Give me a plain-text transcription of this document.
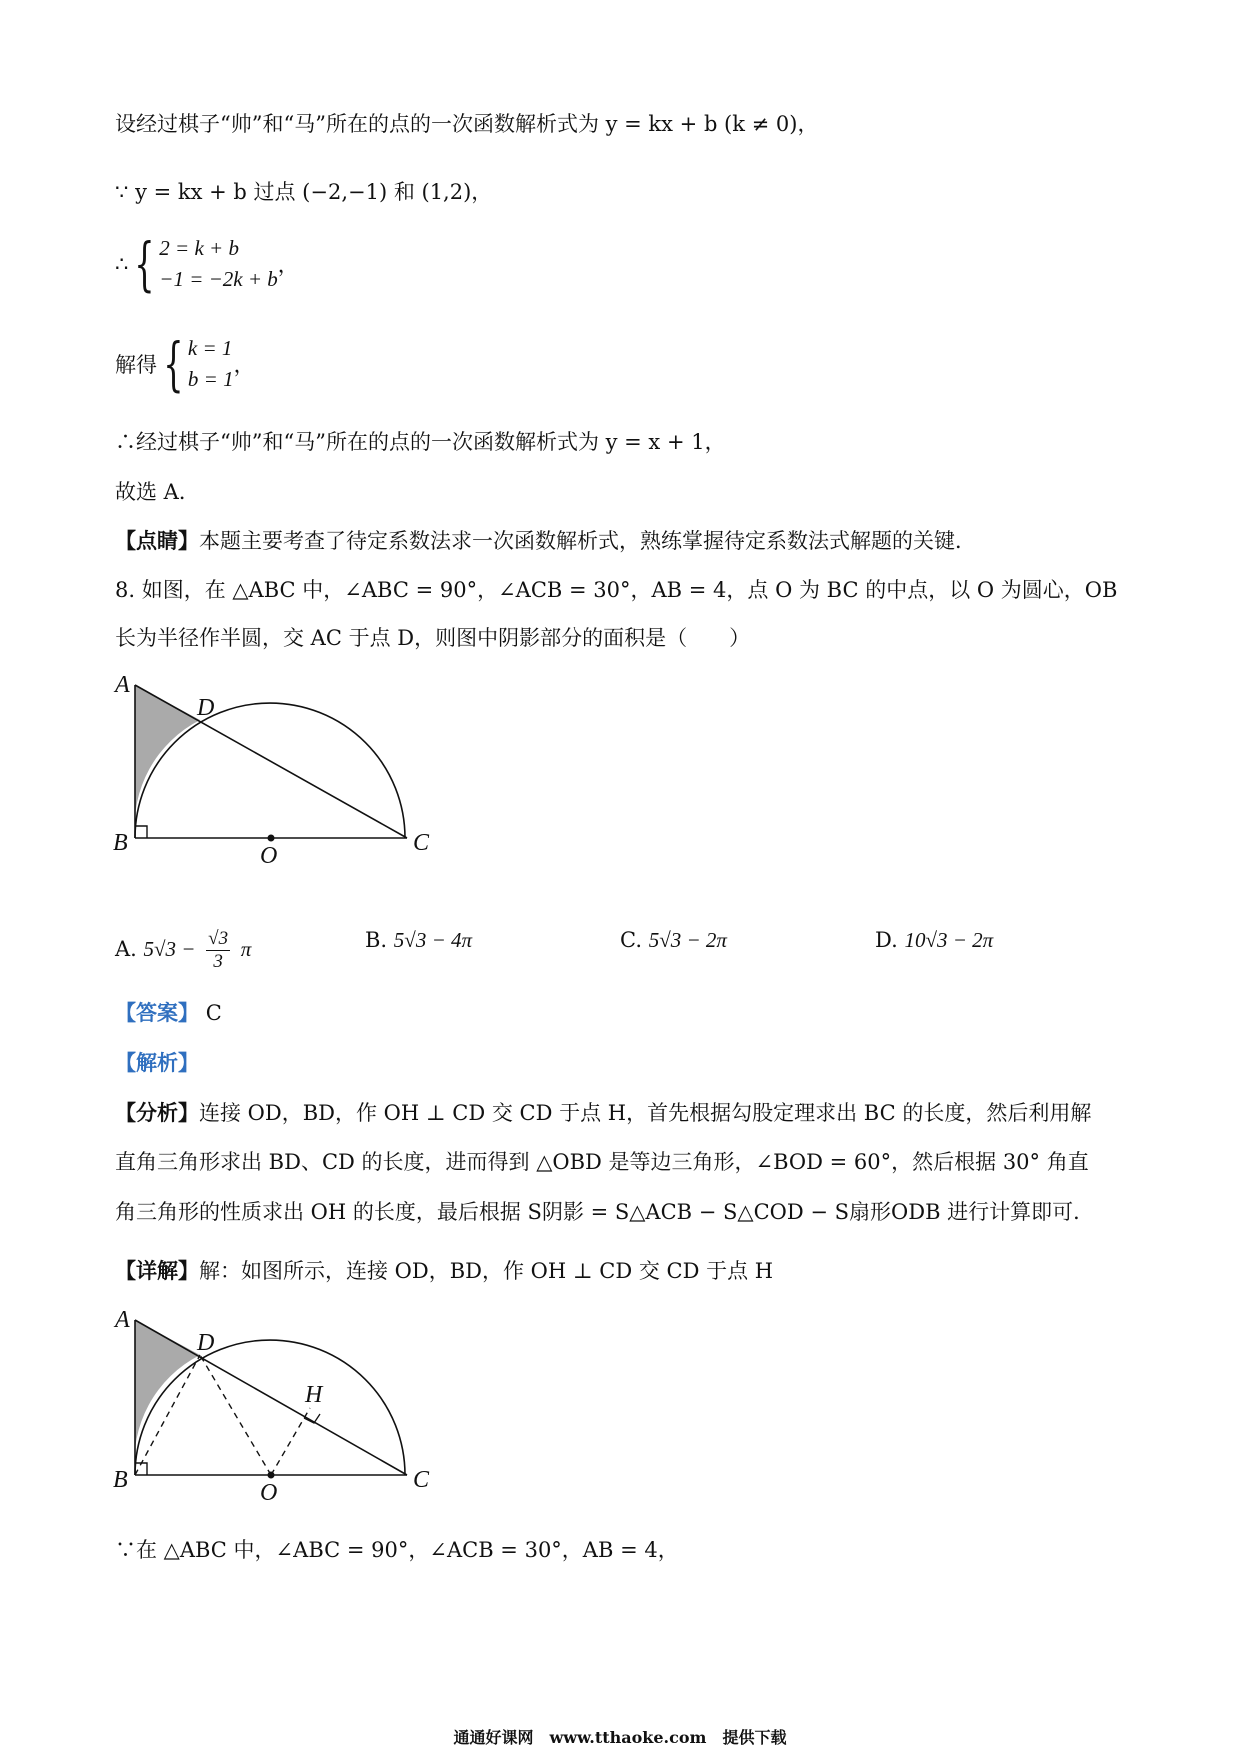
设经过棋子“帅”和“马”所在的点的一次函数解析式为 y = kx + b (k ≠ 0)，
∵ y = kx + b 过点 (−2,−1) 和 (1,2)，
∴ { 2 = k + b
−1 = −2k + b
，
解得 { k = 1
b = 1
，
∴经过棋子“帅”和“马”所在的点的一次函数解析式为 y = x + 1，
故选 A．
【点睛】本题主要考查了待定系数法求一次函数解析式，熟练掌握待定系数法式解题的关键．
8. 如图，在 △ABC 中，∠ABC = 90°，∠ACB = 30°，AB = 4，点 O 为 BC 的中点，以 O 为圆心，OB
长为半径作半圆，交 AC 于点 D，则图中阴影部分的面积是（　　）
A
D
B	O	C
A. $5√3 - \frac{√3}{3}$ π	B. 5√3 − 4π	C. 5√3 − 2π	D. 10√3 − 2π
【答案】 C
【解析】
【分析】连接 OD，BD，作 OH ⊥ CD 交 CD 于点 H，首先根据勾股定理求出 BC 的长度，然后利用解
直角三角形求出 BD、CD 的长度，进而得到 △OBD 是等边三角形，∠BOD = 60°，然后根据 30° 角直
角三角形的性质求出 OH 的长度，最后根据 S阴影 = S△ACB − S△COD − S扇形ODB 进行计算即可．
【详解】解：如图所示，连接 OD，BD，作 OH ⊥ CD 交 CD 于点 H
A
D
H
B	O	C
∵在 △ABC 中，∠ABC = 90°，∠ACB = 30°，AB = 4，
通通好课网　www.tthaoke.com　提供下载
